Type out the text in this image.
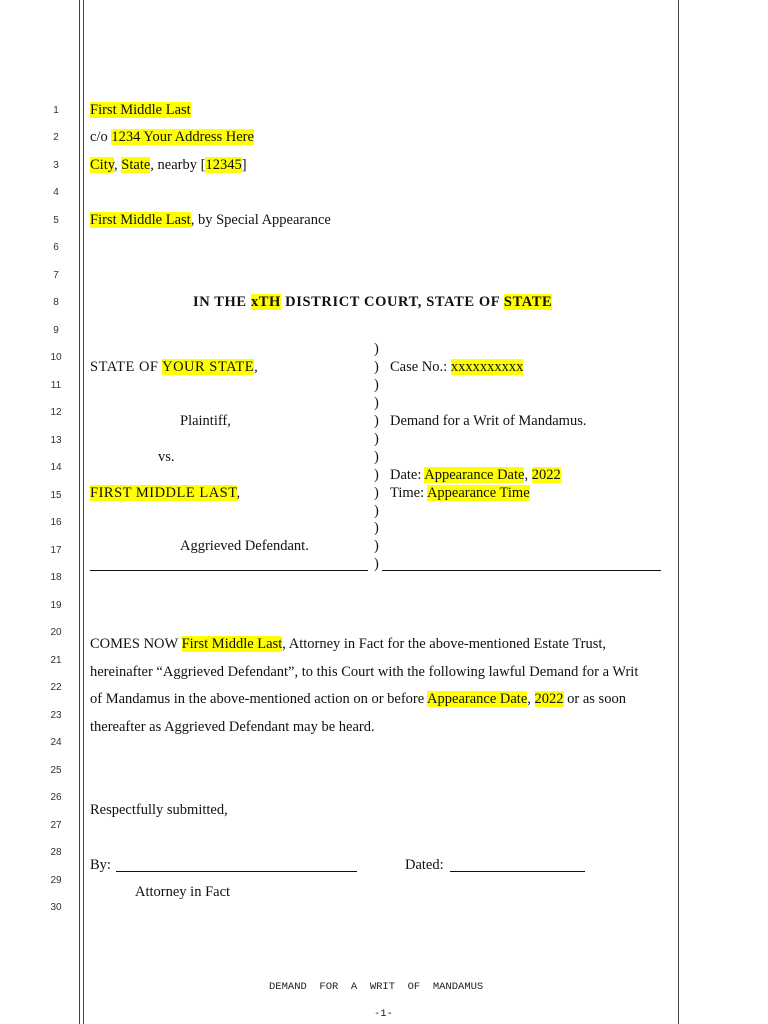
1
2
3
4
5
6
7
8
9
10
11
12
13
14
15
16
17
18
19
20
21
22
23
24
25
26
27
28
29
30
First Middle Last
c/o 1234 Your Address Here
City, State, nearby [12345]
First Middle Last, by Special Appearance
IN THE xTH DISTRICT COURT, STATE OF STATE
STATE OF YOUR STATE,
Plaintiff,
vs.
FIRST MIDDLE LAST,
Aggrieved Defendant.
)
)
)
)
)
)
)
)
)
)
)
)
)
Case No.: xxxxxxxxxx
Demand for a Writ of Mandamus.
Date: Appearance Date, 2022
Time: Appearance Time
COMES NOW First Middle Last, Attorney in Fact for the above-mentioned Estate Trust,
hereinafter “Aggrieved Defendant”, to this Court with the following lawful Demand for a Writ
of Mandamus in the above-mentioned action on or before Appearance Date, 2022 or as soon
thereafter as Aggrieved Defendant may be heard.
Respectfully submitted,
By:	Dated:
Attorney in Fact
DEMAND  FOR  A  WRIT  OF  MANDAMUS
-1-
